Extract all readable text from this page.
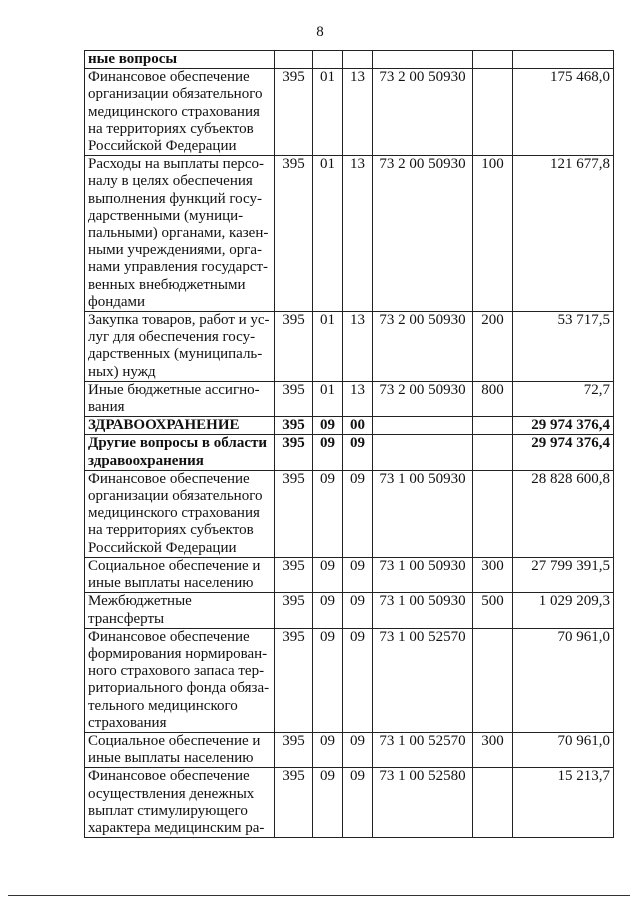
8
ные вопросы						
Финансовое обеспечение организации обязательного медицинского страхования на территориях субъектов Российской Федерации	395	01	13	73 2 00 50930		175 468,0
Расходы на выплаты персо-налу в целях обеспечения выполнения функций госу-дарственными (муници-пальными) органами, казен-ными учреждениями, орга-нами управления государст-венных внебюджетными фондами	395	01	13	73 2 00 50930	100	121 677,8
Закупка товаров, работ и ус-луг для обеспечения госу-дарственных (муниципаль-ных) нужд	395	01	13	73 2 00 50930	200	53 717,5
Иные бюджетные ассигно-вания	395	01	13	73 2 00 50930	800	72,7
ЗДРАВООХРАНЕНИЕ	395	09	00			29 974 376,4
Другие вопросы в области здравоохранения	395	09	09			29 974 376,4
Финансовое обеспечение организации обязательного медицинского страхования на территориях субъектов Российской Федерации	395	09	09	73 1 00 50930		28 828 600,8
Социальное обеспечение и иные выплаты населению	395	09	09	73 1 00 50930	300	27 799 391,5
Межбюджетные трансферты	395	09	09	73 1 00 50930	500	1 029 209,3
Финансовое обеспечение формирования нормирован-ного страхового запаса тер-риториального фонда обяза-тельного медицинского страхования	395	09	09	73 1 00 52570		70 961,0
Социальное обеспечение и иные выплаты населению	395	09	09	73 1 00 52570	300	70 961,0
Финансовое обеспечение осуществления денежных выплат стимулирующего характера медицинским ра-	395	09	09	73 1 00 52580		15 213,7
